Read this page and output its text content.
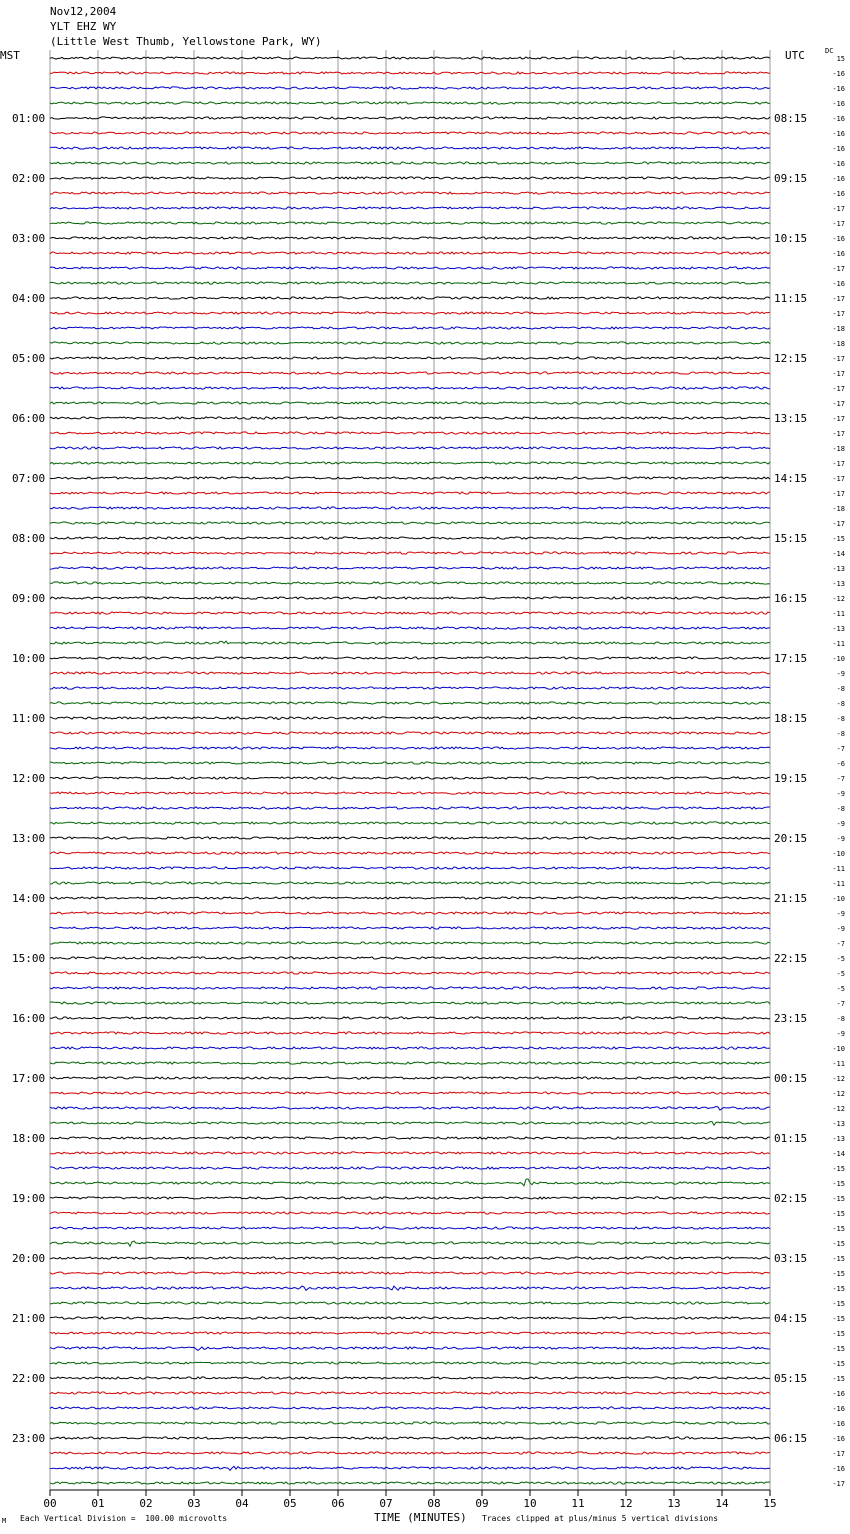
Nov12,2004
YLT EHZ WY
(Little West Thumb, Yellowstone Park, WY)
MST	UTC	DC
01:00
02:00
03:00
04:00
05:00
06:00
07:00
08:00
09:00
10:00
11:00
12:00
13:00
14:00
15:00
16:00
17:00
18:00
19:00
20:00
21:00
22:00
23:00
08:15
09:15
10:15
11:15
12:15
13:15
14:15
15:15
16:15
17:15
18:15
19:15
20:15
21:15
22:15
23:15
00:15
01:15
02:15
03:15
04:15
05:15
06:15
15
-16
-16
-16
-16
-16
-16
-16
-16
-16
-17
-17
-16
-16
-17
-16
-17
-17
-18
-18
-17
-17
-17
-17
-17
-17
-18
-17
-17
-17
-18
-17
-15
-14
-13
-13
-12
-11
-13
-11
-10
-9
-8
-8
-8
-8
-7
-6
-7
-9
-8
-9
-9
-10
-11
-11
-10
-9
-9
-7
-5
-5
-5
-7
-8
-9
-10
-11
-12
-12
-12
-13
-13
-14
-15
-15
-15
-15
-15
-15
-15
-15
-15
-15
-15
-15
-15
-15
-15
-16
-16
-16
-16
-17
-16
-17
00	01	02	03	04	05	06	07	08	09	10	11	12	13	14	15
Each Vertical Division =  100.00 microvolts	TIME (MINUTES) Traces clipped at plus/minus 5 vertical divisions
M
